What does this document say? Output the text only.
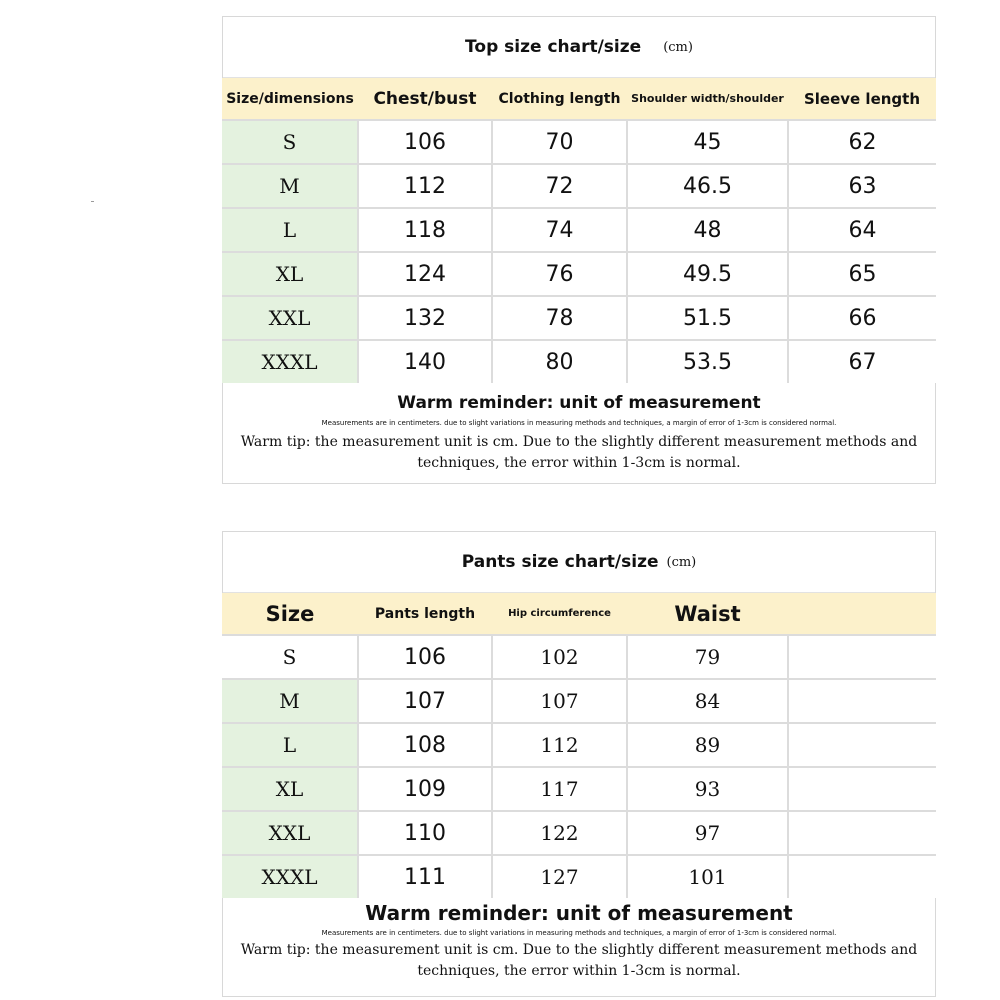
Top size chart/size (cm)
Size/dimensions	Chest/bust	Clothing length	Shoulder width/shoulder	Sleeve length
S	106	70	45	62
M	112	72	46.5	63
L	118	74	48	64
XL	124	76	49.5	65
XXL	132	78	51.5	66
XXXL	140	80	53.5	67
Warm reminder: unit of measurement
Measurements are in centimeters. due to slight variations in measuring methods and techniques, a margin of error of 1-3cm is considered normal.
Warm tip: the measurement unit is cm. Due to the slightly different measurement methods and techniques, the error within 1-3cm is normal.
Pants size chart/size (cm)
Size	Pants length	Hip circumference	Waist	
S	106	102	79	
M	107	107	84	
L	108	112	89	
XL	109	117	93	
XXL	110	122	97	
XXXL	111	127	101	
Warm reminder: unit of measurement
Measurements are in centimeters. due to slight variations in measuring methods and techniques, a margin of error of 1-3cm is considered normal.
Warm tip: the measurement unit is cm. Due to the slightly different measurement methods and techniques, the error within 1-3cm is normal.
